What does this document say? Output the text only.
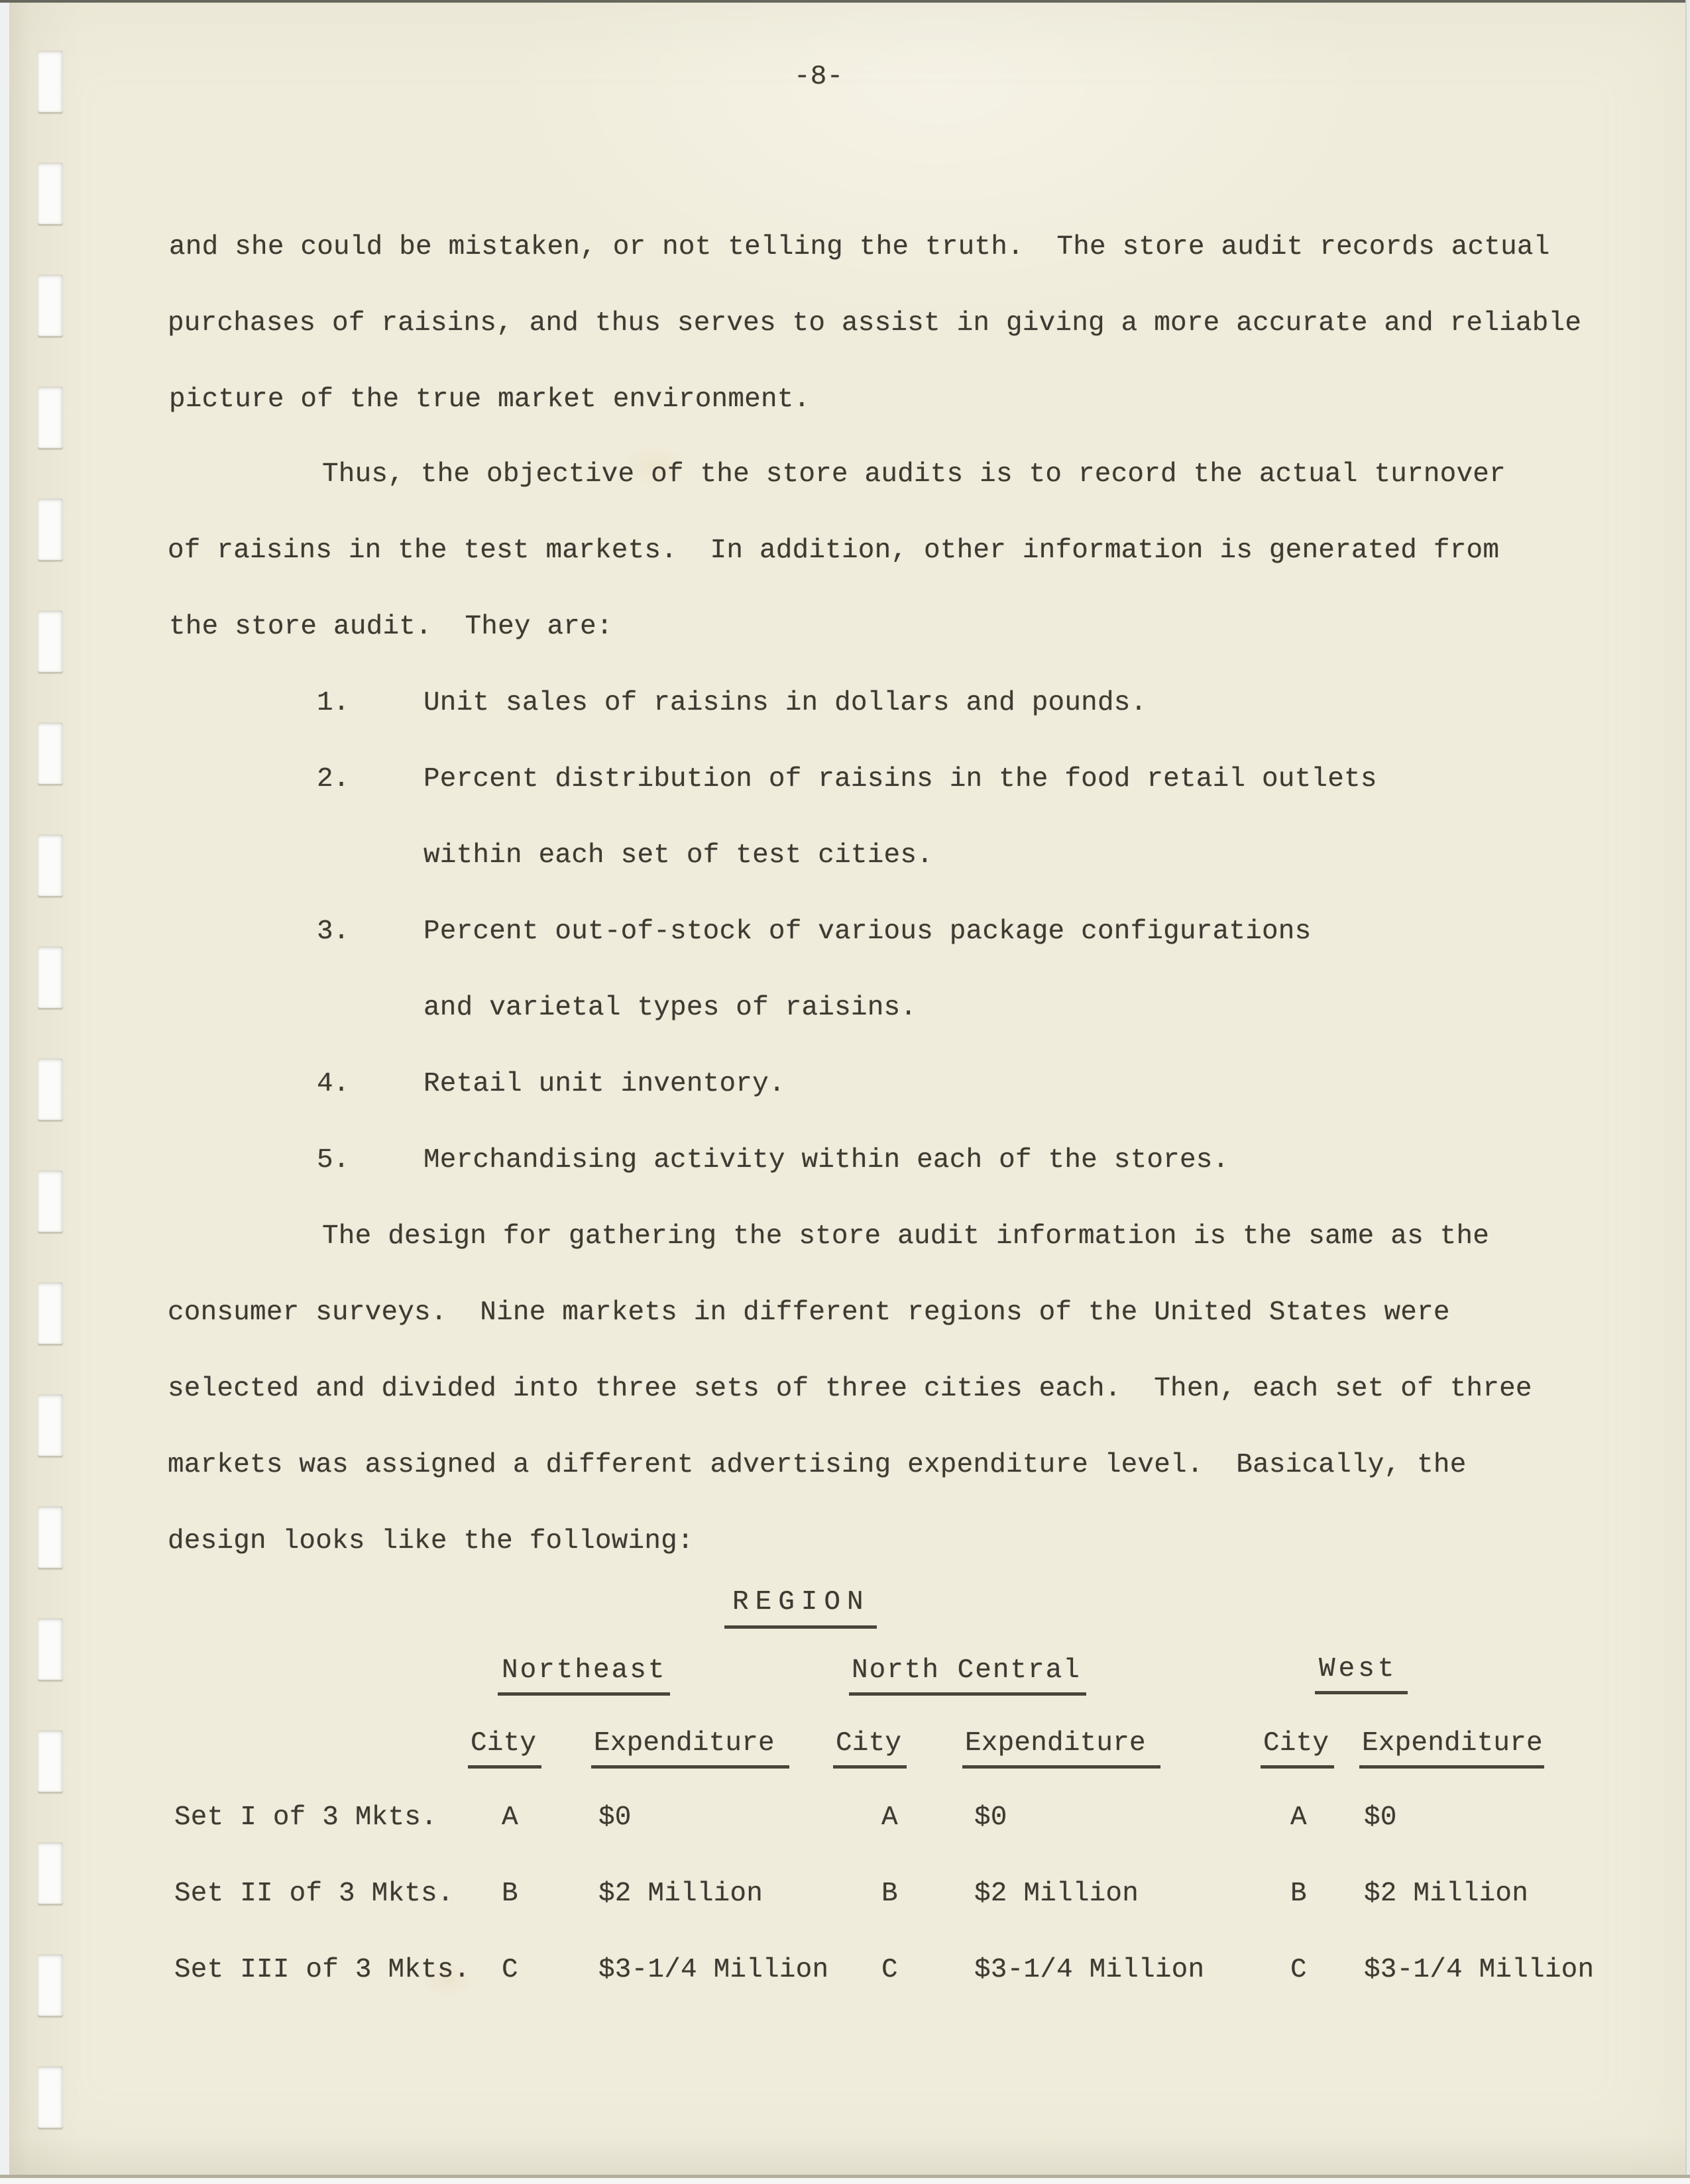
-8-
and she could be mistaken, or not telling the truth.  The store audit records actual
purchases of raisins, and thus serves to assist in giving a more accurate and reliable
picture of the true market environment.
Thus, the objective of the store audits is to record the actual turnover
of raisins in the test markets.  In addition, other information is generated from
the store audit.  They are:
1.	Unit sales of raisins in dollars and pounds.
2.	Percent distribution of raisins in the food retail outlets
within each set of test cities.
3.	Percent out-of-stock of various package configurations
and varietal types of raisins.
4.	Retail unit inventory.
5.	Merchandising activity within each of the stores.
The design for gathering the store audit information is the same as the
consumer surveys.  Nine markets in different regions of the United States were
selected and divided into three sets of three cities each.  Then, each set of three
markets was assigned a different advertising expenditure level.  Basically, the
design looks like the following:
REGION
Northeast	North Central	West
City Expenditure	City Expenditure	City Expenditure
Set I of 3 Mkts. A	$0	A	$0	A $0
Set II of 3 Mkts. B	$2 Million	B	$2 Million	B $2 Million
Set III of 3 Mkts. C	$3-1/4 Million C	$3-1/4 Million	C $3-1/4 Million
